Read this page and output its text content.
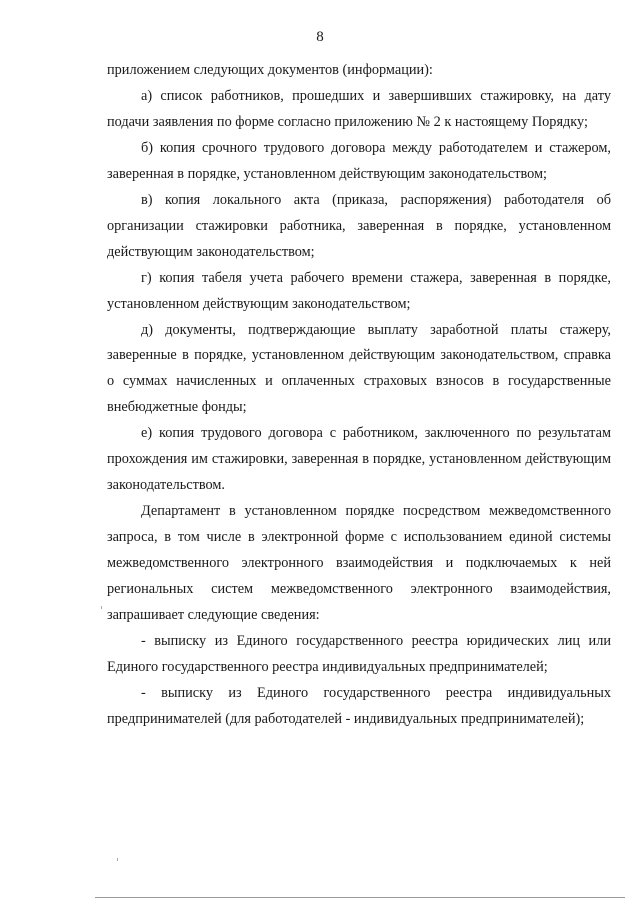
8

приложением следующих документов (информации):

а) список работников, прошедших и завершивших стажировку, на дату подачи заявления по форме согласно приложению № 2 к настоящему Порядку;

б) копия срочного трудового договора между работодателем и стажером, заверенная в порядке, установленном действующим законодательством;

в) копия локального акта (приказа, распоряжения) работодателя об организации стажировки работника, заверенная в порядке, установленном действующим законодательством;

г) копия табеля учета рабочего времени стажера, заверенная в порядке, установленном действующим законодательством;

д) документы, подтверждающие выплату заработной платы стажеру, заверенные в порядке, установленном действующим законодательством, справка о суммах начисленных и оплаченных страховых взносов в государственные внебюджетные фонды;

е) копия трудового договора с работником, заключенного по результатам прохождения им стажировки, заверенная в порядке, установленном действующим законодательством.

Департамент в установленном порядке посредством межведомственного запроса, в том числе в электронной форме с использованием единой системы межведомственного электронного взаимодействия и подключаемых к ней региональных систем межведомственного электронного взаимодействия, запрашивает следующие сведения:

- выписку из Единого государственного реестра юридических лиц или Единого государственного реестра индивидуальных предпринимателей;

- выписку из Единого государственного реестра индивидуальных предпринимателей (для работодателей - индивидуальных предпринимателей);
